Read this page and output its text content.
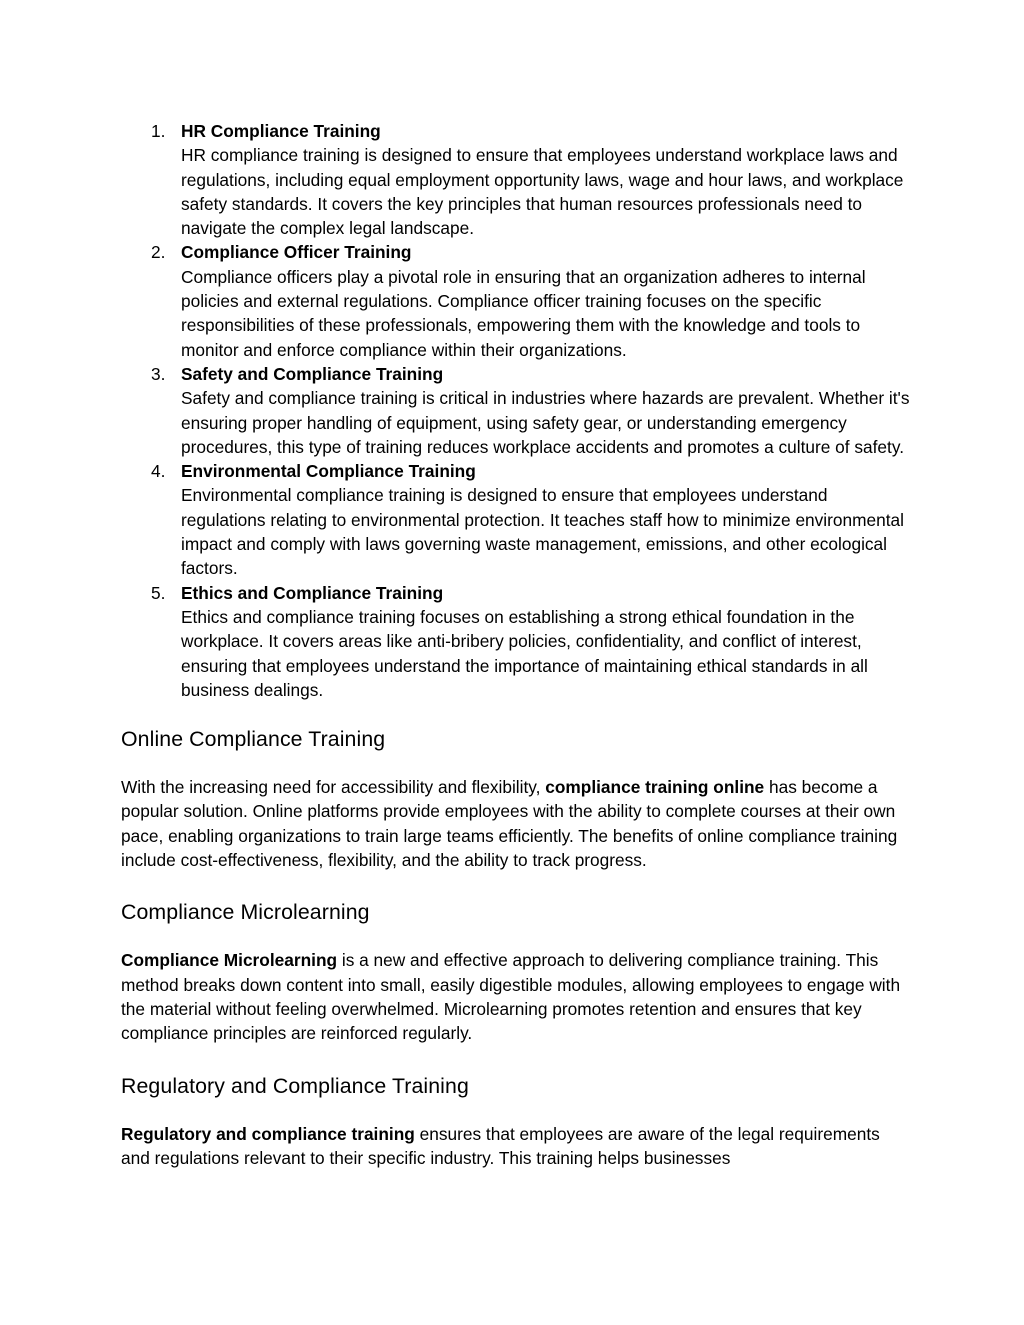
1. HR Compliance Training
HR compliance training is designed to ensure that employees understand workplace laws and regulations, including equal employment opportunity laws, wage and hour laws, and workplace safety standards. It covers the key principles that human resources professionals need to navigate the complex legal landscape.
2. Compliance Officer Training
Compliance officers play a pivotal role in ensuring that an organization adheres to internal policies and external regulations. Compliance officer training focuses on the specific responsibilities of these professionals, empowering them with the knowledge and tools to monitor and enforce compliance within their organizations.
3. Safety and Compliance Training
Safety and compliance training is critical in industries where hazards are prevalent. Whether it's ensuring proper handling of equipment, using safety gear, or understanding emergency procedures, this type of training reduces workplace accidents and promotes a culture of safety.
4. Environmental Compliance Training
Environmental compliance training is designed to ensure that employees understand regulations relating to environmental protection. It teaches staff how to minimize environmental impact and comply with laws governing waste management, emissions, and other ecological factors.
5. Ethics and Compliance Training
Ethics and compliance training focuses on establishing a strong ethical foundation in the workplace. It covers areas like anti-bribery policies, confidentiality, and conflict of interest, ensuring that employees understand the importance of maintaining ethical standards in all business dealings.
Online Compliance Training

With the increasing need for accessibility and flexibility, compliance training online has become a popular solution. Online platforms provide employees with the ability to complete courses at their own pace, enabling organizations to train large teams efficiently. The benefits of online compliance training include cost-effectiveness, flexibility, and the ability to track progress.

Compliance Microlearning

Compliance Microlearning is a new and effective approach to delivering compliance training. This method breaks down content into small, easily digestible modules, allowing employees to engage with the material without feeling overwhelmed. Microlearning promotes retention and ensures that key compliance principles are reinforced regularly.

Regulatory and Compliance Training

Regulatory and compliance training ensures that employees are aware of the legal requirements and regulations relevant to their specific industry. This training helps businesses
